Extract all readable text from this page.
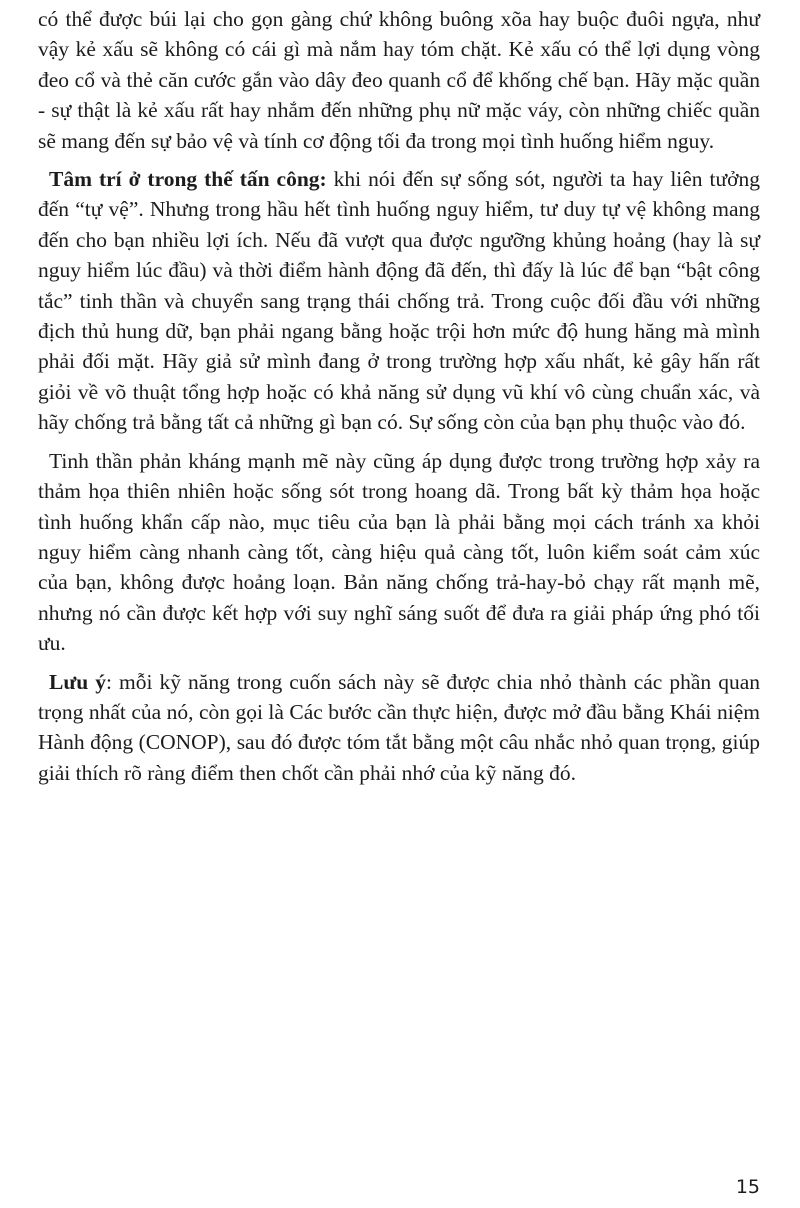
có thể được búi lại cho gọn gàng chứ không buông xõa hay buộc đuôi ngựa, như vậy kẻ xấu sẽ không có cái gì mà nắm hay tóm chặt. Kẻ xấu có thể lợi dụng vòng đeo cổ và thẻ căn cước gắn vào dây đeo quanh cổ để khống chế bạn. Hãy mặc quần - sự thật là kẻ xấu rất hay nhắm đến những phụ nữ mặc váy, còn những chiếc quần sẽ mang đến sự bảo vệ và tính cơ động tối đa trong mọi tình huống hiểm nguy.

Tâm trí ở trong thế tấn công: khi nói đến sự sống sót, người ta hay liên tưởng đến “tự vệ”. Nhưng trong hầu hết tình huống nguy hiểm, tư duy tự vệ không mang đến cho bạn nhiều lợi ích. Nếu đã vượt qua được ngưỡng khủng hoảng (hay là sự nguy hiểm lúc đầu) và thời điểm hành động đã đến, thì đấy là lúc để bạn “bật công tắc” tinh thần và chuyển sang trạng thái chống trả. Trong cuộc đối đầu với những địch thủ hung dữ, bạn phải ngang bằng hoặc trội hơn mức độ hung hăng mà mình phải đối mặt. Hãy giả sử mình đang ở trong trường hợp xấu nhất, kẻ gây hấn rất giỏi về võ thuật tổng hợp hoặc có khả năng sử dụng vũ khí vô cùng chuẩn xác, và hãy chống trả bằng tất cả những gì bạn có. Sự sống còn của bạn phụ thuộc vào đó.

Tinh thần phản kháng mạnh mẽ này cũng áp dụng được trong trường hợp xảy ra thảm họa thiên nhiên hoặc sống sót trong hoang dã. Trong bất kỳ thảm họa hoặc tình huống khẩn cấp nào, mục tiêu của bạn là phải bằng mọi cách tránh xa khỏi nguy hiểm càng nhanh càng tốt, càng hiệu quả càng tốt, luôn kiểm soát cảm xúc của bạn, không được hoảng loạn. Bản năng chống trả-hay-bỏ chạy rất mạnh mẽ, nhưng nó cần được kết hợp với suy nghĩ sáng suốt để đưa ra giải pháp ứng phó tối ưu.

Lưu ý: mỗi kỹ năng trong cuốn sách này sẽ được chia nhỏ thành các phần quan trọng nhất của nó, còn gọi là Các bước cần thực hiện, được mở đầu bằng Khái niệm Hành động (CONOP), sau đó được tóm tắt bằng một câu nhắc nhỏ quan trọng, giúp giải thích rõ ràng điểm then chốt cần phải nhớ của kỹ năng đó.

15
